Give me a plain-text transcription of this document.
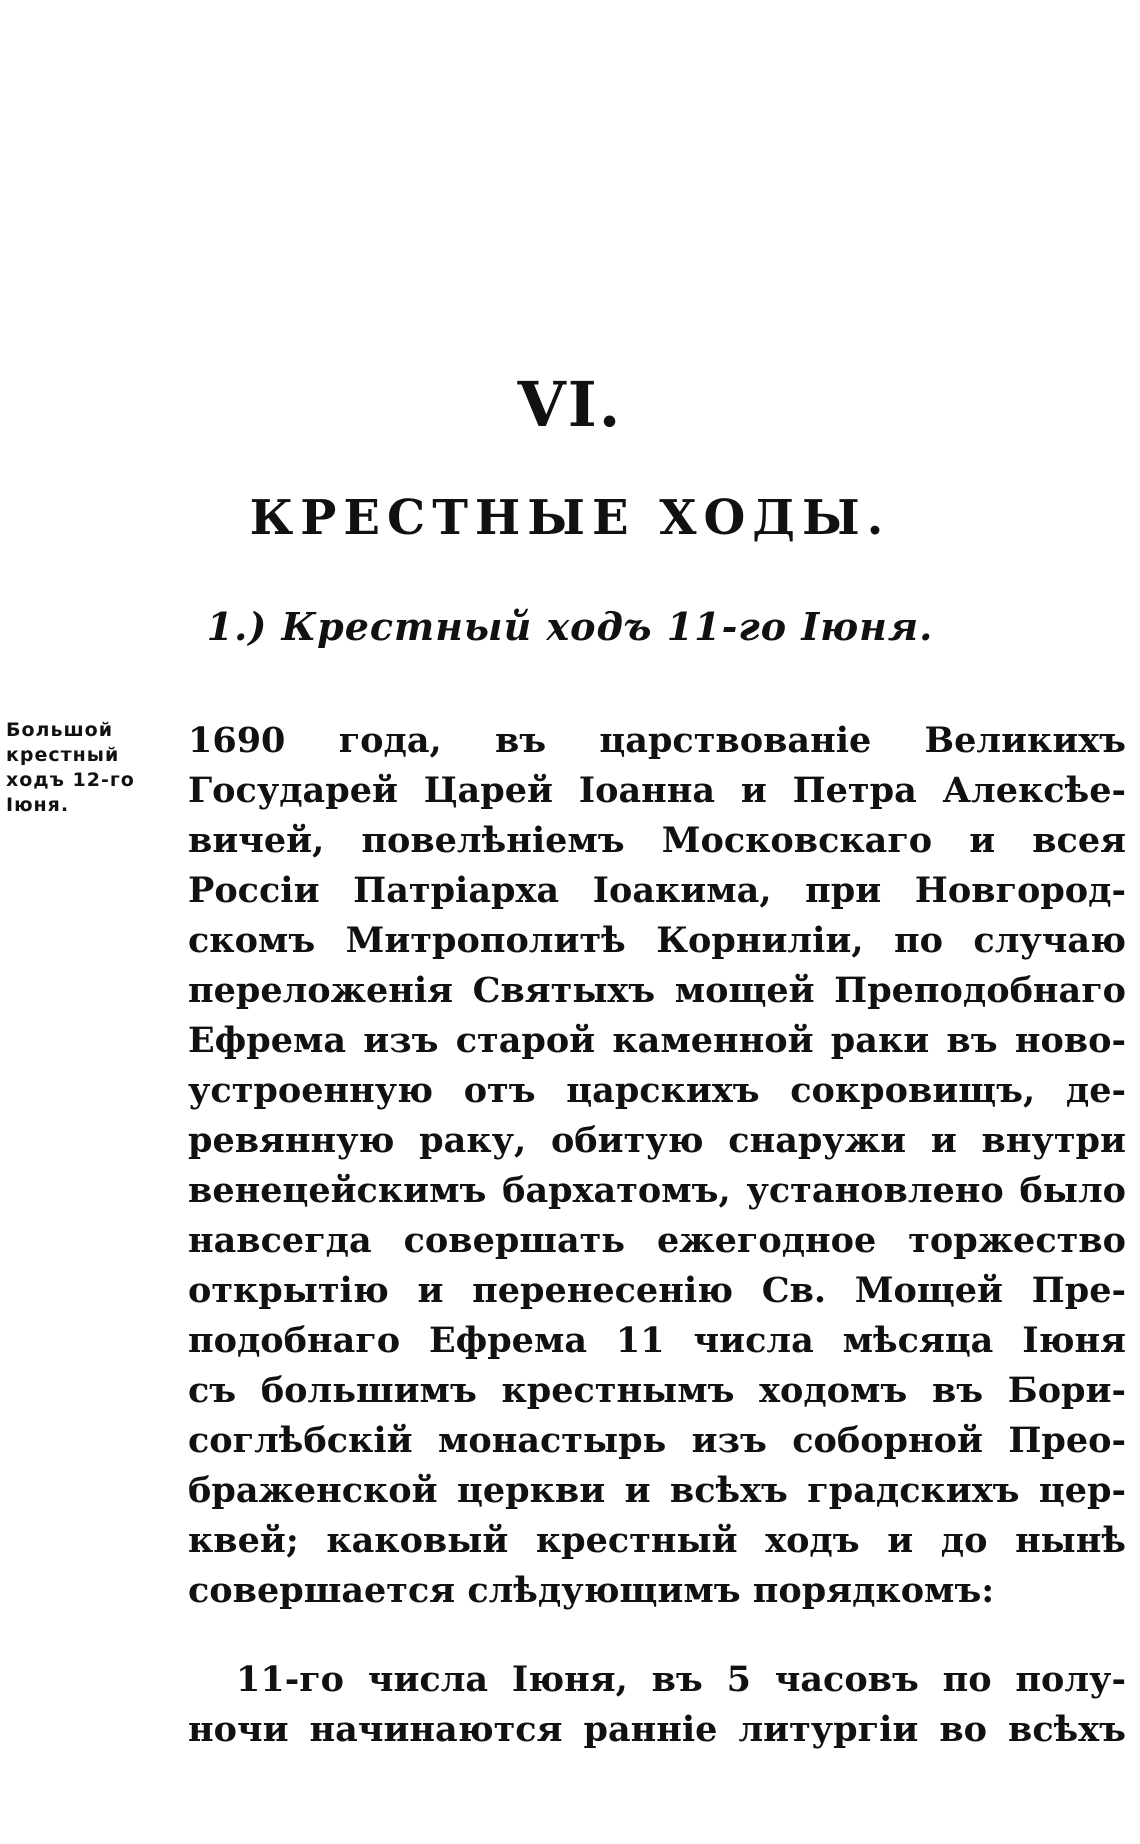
VI.
КРЕСТНЫЕ ХОДЫ.
1.) Крестный ходъ 11-го Іюня.
Большой
крестный
ходъ 12-го
Іюня.
1690 года, въ царствованіе Великихъ
Государей Царей Іоанна и Петра Алексѣе-
вичей, повелѣніемъ Московскаго и всея
Россіи Патріарха Іоакима, при Новгород-
скомъ Митрополитѣ Корниліи, по случаю
переложенія Святыхъ мощей Преподобнаго
Ефрема изъ старой каменной раки въ ново-
устроенную отъ царскихъ сокровищъ, де-
ревянную раку, обитую снаружи и внутри
венецейскимъ бархатомъ, установлено было
навсегда совершать ежегодное торжество
открытію и перенесенію Св. Мощей Пре-
подобнаго Ефрема 11 числа мѣсяца Іюня
съ большимъ крестнымъ ходомъ въ Бори-
соглѣбскій монастырь изъ соборной Прео-
браженской церкви и всѣхъ градскихъ цер-
квей; каковый крестный ходъ и до нынѣ
совершается слѣдующимъ порядкомъ:
11-го числа Іюня, въ 5 часовъ по полу-
ночи начинаются ранніе литургіи во всѣхъ
